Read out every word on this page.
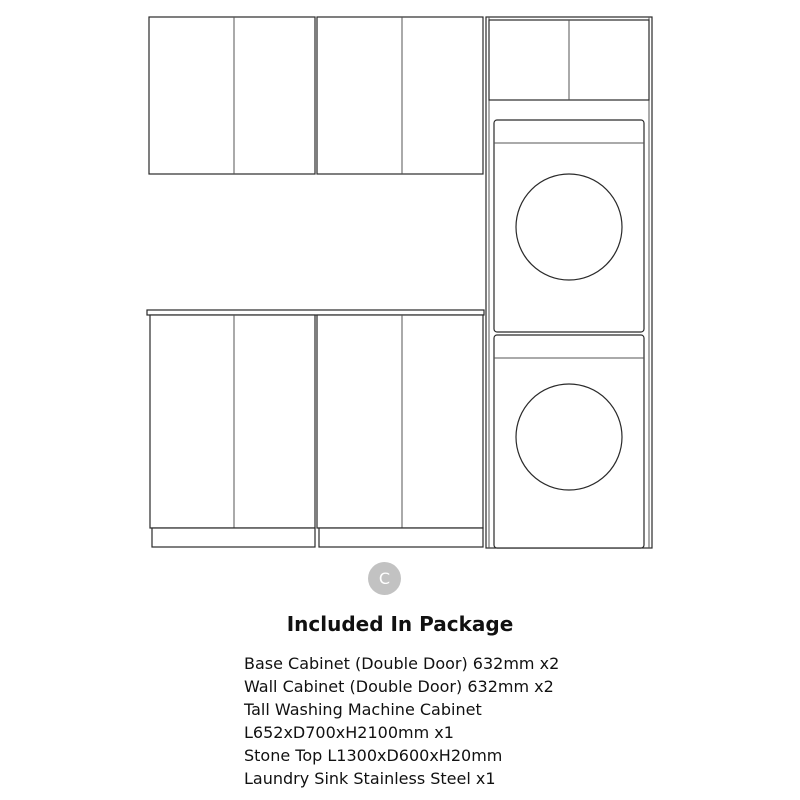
C
Included In Package
Base Cabinet (Double Door) 632mm x2
Wall Cabinet (Double Door) 632mm x2
Tall Washing Machine Cabinet
L652xD700xH2100mm x1
Stone Top L1300xD600xH20mm
Laundry Sink Stainless Steel x1
